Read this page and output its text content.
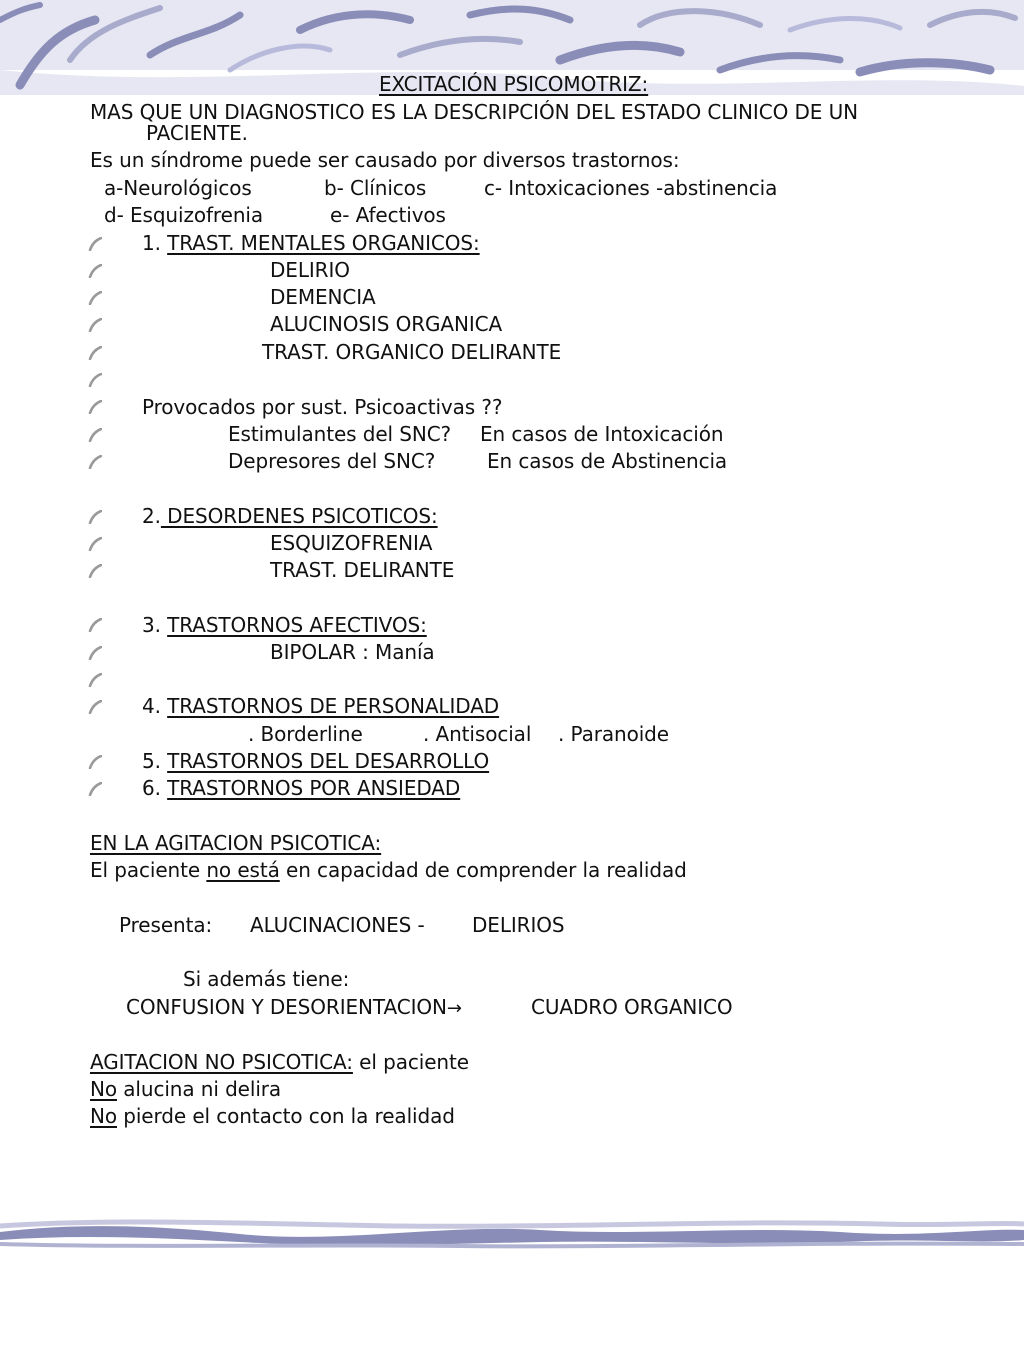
EXCITACIÓN PSICOMOTRIZ:
MAS QUE UN DIAGNOSTICO ES LA DESCRIPCIÓN DEL ESTADO CLINICO DE UN
PACIENTE.
Es un síndrome puede ser causado por diversos trastornos:
a-Neurológicos	b- Clínicos	c- Intoxicaciones -abstinencia
d- Esquizofrenia	e- Afectivos
1. TRAST. MENTALES ORGANICOS:
DELIRIO
DEMENCIA
ALUCINOSIS ORGANICA
TRAST. ORGANICO DELIRANTE
Provocados por sust. Psicoactivas ??
Estimulantes del SNC? En casos de Intoxicación
Depresores del SNC?	En casos de Abstinencia
2. DESORDENES PSICOTICOS:
ESQUIZOFRENIA
TRAST. DELIRANTE
3. TRASTORNOS AFECTIVOS:
BIPOLAR : Manía
4. TRASTORNOS DE PERSONALIDAD
. Borderline	. Antisocial . Paranoide
5. TRASTORNOS DEL DESARROLLO
6. TRASTORNOS POR ANSIEDAD
EN LA AGITACION PSICOTICA:
El paciente no está en capacidad de comprender la realidad
Presenta: ALUCINACIONES - DELIRIOS
Si además tiene:
CONFUSION Y DESORIENTACION→	CUADRO ORGANICO
AGITACION NO PSICOTICA: el paciente
No alucina ni delira
No pierde el contacto con la realidad
